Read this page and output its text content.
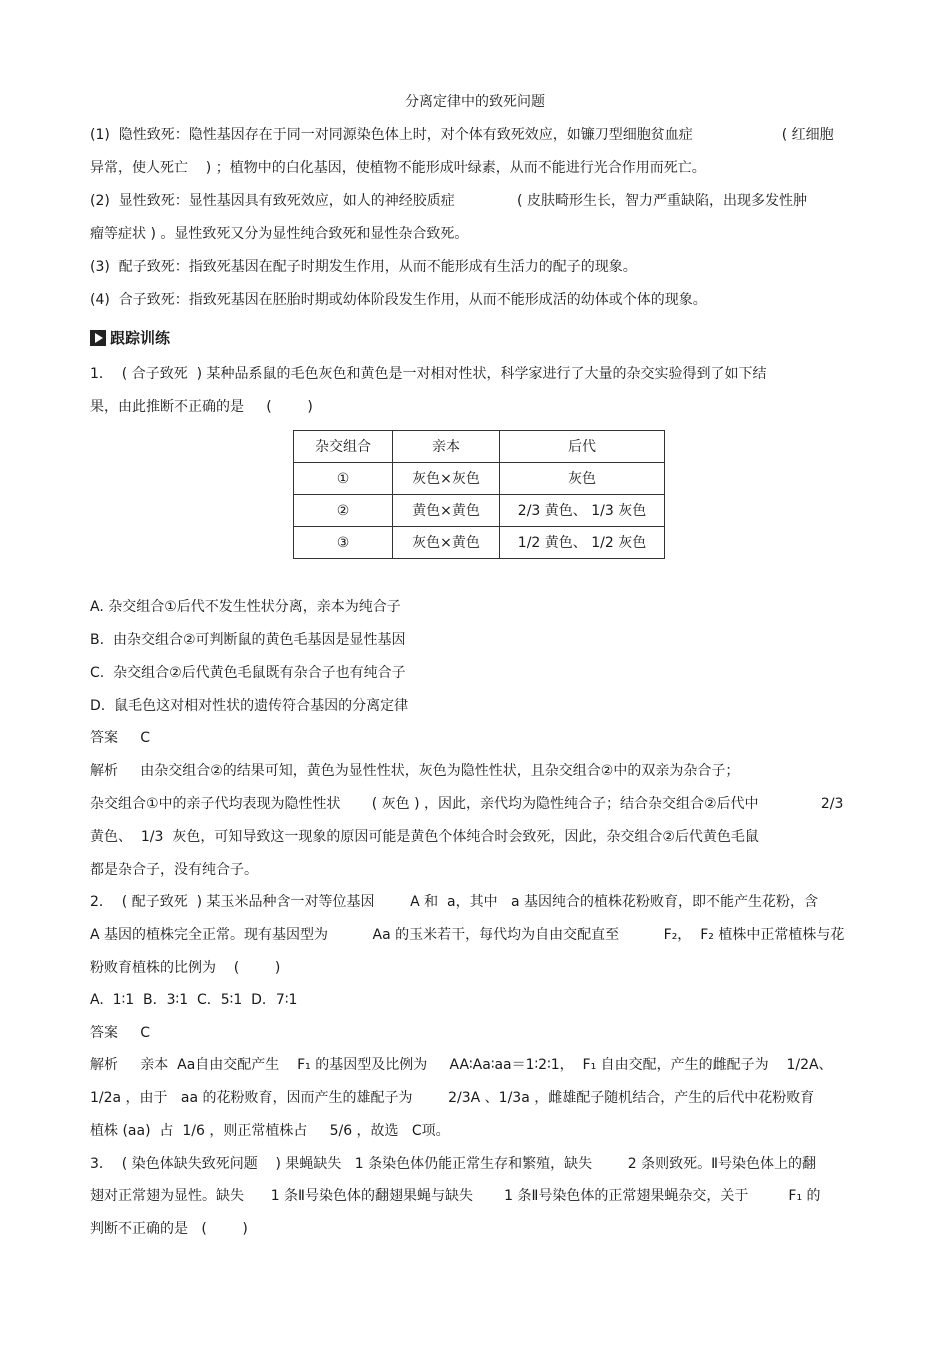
分离定律中的致死问题
(1)  隐性致死：隐性基因存在于同一对同源染色体上时，对个体有致死效应，如镰刀型细胞贫血症                    ( 红细胞
异常，使人死亡    ) ；植物中的白化基因，使植物不能形成叶绿素，从而不能进行光合作用而死亡。
(2)  显性致死：显性基因具有致死效应，如人的神经胶质症              ( 皮肤畸形生长，智力严重缺陷，出现多发性肿
瘤等症状 ) 。显性致死又分为显性纯合致死和显性杂合致死。
(3)  配子致死：指致死基因在配子时期发生作用，从而不能形成有生活力的配子的现象。
(4)  合子致死：指致死基因在胚胎时期或幼体阶段发生作用，从而不能形成活的幼体或个体的现象。
跟踪训练
1．  ( 合子致死  ) 某种品系鼠的毛色灰色和黄色是一对相对性状，科学家进行了大量的杂交实验得到了如下结
果，由此推断不正确的是     (        )
杂交组合	亲本	后代
①	灰色×灰色	灰色
②	黄色×黄色	2/3 黄色、 1/3 灰色
③	灰色×黄色	1/2 黄色、 1/2 灰色
A. 杂交组合①后代不发生性状分离，亲本为纯合子
B.  由杂交组合②可判断鼠的黄色毛基因是显性基因
C.  杂交组合②后代黄色毛鼠既有杂合子也有纯合子
D.  鼠毛色这对相对性状的遗传符合基因的分离定律
答案     C
解析     由杂交组合②的结果可知，黄色为显性性状，灰色为隐性性状，且杂交组合②中的双亲为杂合子；
杂交组合①中的亲子代均表现为隐性性状       ( 灰色 ) ，因此，亲代均为隐性纯合子；结合杂交组合②后代中              2/3
黄色、  1/3  灰色，可知导致这一现象的原因可能是黄色个体纯合时会致死，因此，杂交组合②后代黄色毛鼠
都是杂合子，没有纯合子。
2．  ( 配子致死  ) 某玉米品种含一对等位基因        A 和  a，其中   a 基因纯合的植株花粉败育，即不能产生花粉，含
A 基因的植株完全正常。现有基因型为          Aa 的玉米若干，每代均为自由交配直至          F₂，  F₂ 植株中正常植株与花
粉败育植株的比例为    (        )
A.  1∶1  B．3∶1  C．5∶1  D．7∶1
答案     C
解析     亲本  Aa自由交配产生    F₁ 的基因型及比例为     AA∶Aa∶aa＝1∶2∶1，  F₁ 自由交配，产生的雌配子为    1/2A、
1/2a ，由于   aa 的花粉败育，因而产生的雄配子为        2/3A 、1/3a ，雌雄配子随机结合，产生的后代中花粉败育
植株 (aa)  占  1/6 ，则正常植株占     5/6 ，故选   C项。
3．  ( 染色体缺失致死问题    ) 果蝇缺失   1 条染色体仍能正常生存和繁殖，缺失        2 条则致死。Ⅱ号染色体上的翻
翅对正常翅为显性。缺失      1 条Ⅱ号染色体的翻翅果蝇与缺失       1 条Ⅱ号染色体的正常翅果蝇杂交，关于         F₁ 的
判断不正确的是   (        )
